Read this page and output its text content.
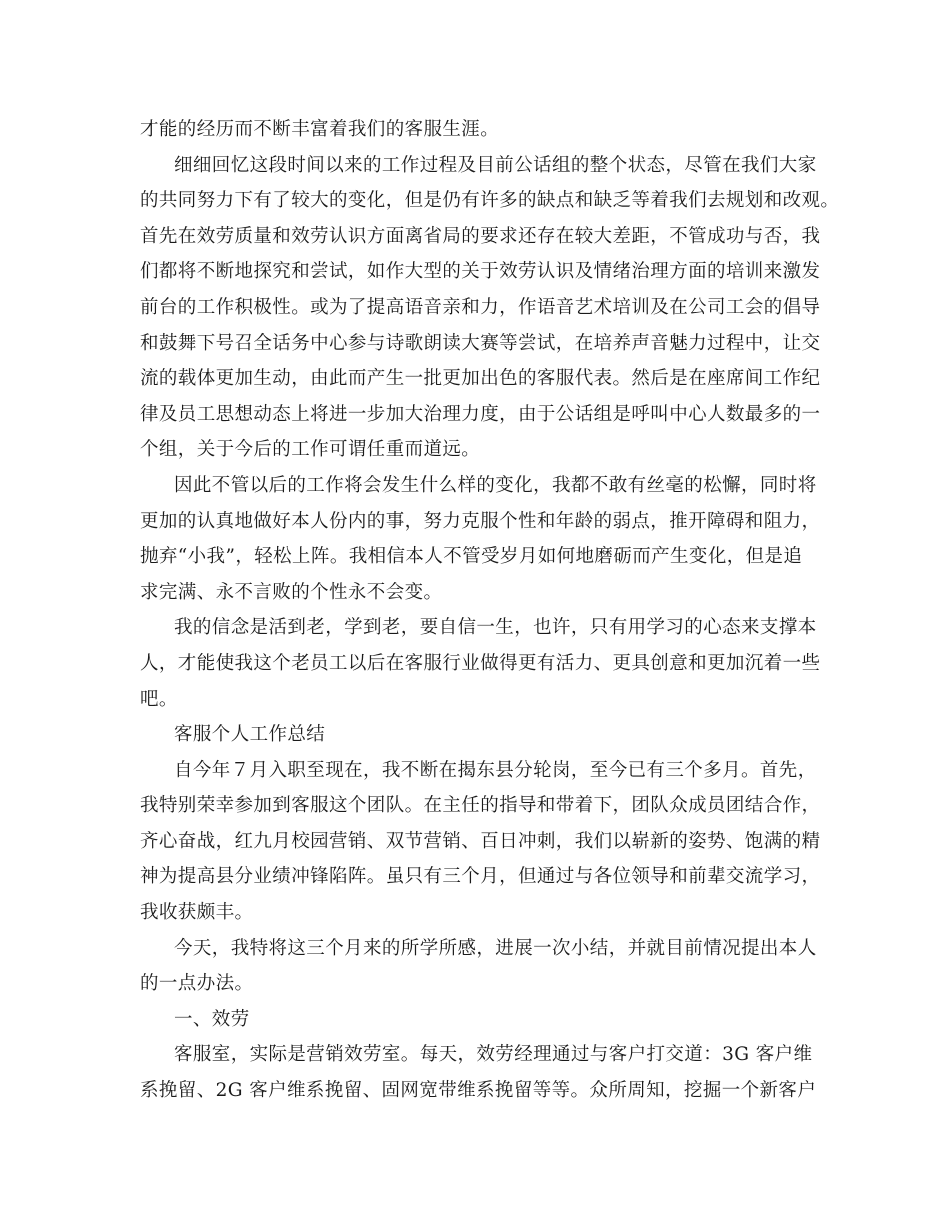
才能的经历而不断丰富着我们的客服生涯。
细细回忆这段时间以来的工作过程及目前公话组的整个状态，尽管在我们大家
的共同努力下有了较大的变化，但是仍有许多的缺点和缺乏等着我们去规划和改观。
首先在效劳质量和效劳认识方面离省局的要求还存在较大差距，不管成功与否，我
们都将不断地探究和尝试，如作大型的关于效劳认识及情绪治理方面的培训来激发
前台的工作积极性。或为了提高语音亲和力，作语音艺术培训及在公司工会的倡导
和鼓舞下号召全话务中心参与诗歌朗读大赛等尝试，在培养声音魅力过程中，让交
流的载体更加生动，由此而产生一批更加出色的客服代表。然后是在座席间工作纪
律及员工思想动态上将进一步加大治理力度，由于公话组是呼叫中心人数最多的一
个组，关于今后的工作可谓任重而道远。
因此不管以后的工作将会发生什么样的变化，我都不敢有丝毫的松懈，同时将
更加的认真地做好本人份内的事，努力克服个性和年龄的弱点，推开障碍和阻力，
抛弃“小我”，轻松上阵。我相信本人不管受岁月如何地磨砺而产生变化，但是追
求完满、永不言败的个性永不会变。
我的信念是活到老，学到老，要自信一生，也许，只有用学习的心态来支撑本
人，才能使我这个老员工以后在客服行业做得更有活力、更具创意和更加沉着一些
吧。
客服个人工作总结
自今年７月入职至现在，我不断在揭东县分轮岗，至今已有三个多月。首先，
我特别荣幸参加到客服这个团队。在主任的指导和带着下，团队众成员团结合作，
齐心奋战，红九月校园营销、双节营销、百日冲刺，我们以崭新的姿势、饱满的精
神为提高县分业绩冲锋陷阵。虽只有三个月，但通过与各位领导和前辈交流学习，
我收获颇丰。
今天，我特将这三个月来的所学所感，进展一次小结，并就目前情况提出本人
的一点办法。
一、效劳
客服室，实际是营销效劳室。每天，效劳经理通过与客户打交道：3G 客户维
系挽留、2G 客户维系挽留、固网宽带维系挽留等等。众所周知，挖掘一个新客户
